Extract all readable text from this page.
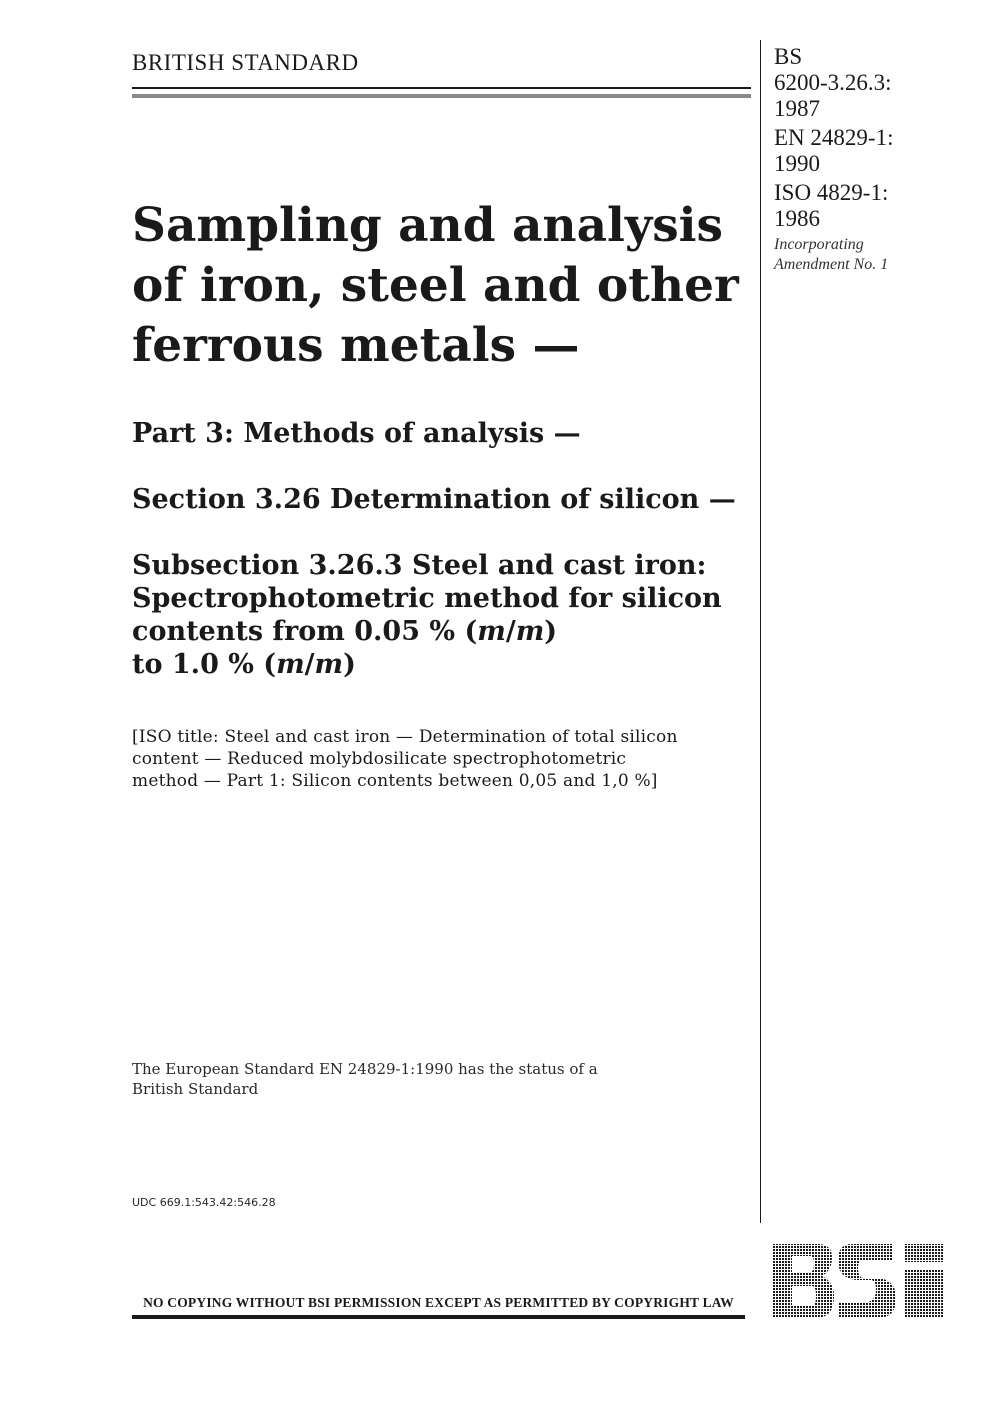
BRITISH STANDARD	BS
6200-3.26.3:
1987
EN 24829-1:
1990
ISO 4829-1:
1986
Incorporating
Amendment No. 1
Sampling and analysis
of iron, steel and other
ferrous metals —
Part 3: Methods of analysis —
Section 3.26 Determination of silicon —
Subsection 3.26.3 Steel and cast iron:
Spectrophotometric method for silicon
contents from 0.05 % (m/m)
to 1.0 % (m/m)
[ISO title: Steel and cast iron — Determination of total silicon
content — Reduced molybdosilicate spectrophotometric
method — Part 1: Silicon contents between 0,05 and 1,0 %]
The European Standard EN 24829-1:1990 has the status of a
British Standard
UDC 669.1:543.42:546.28
NO COPYING WITHOUT BSI PERMISSION EXCEPT AS PERMITTED BY COPYRIGHT LAW
BSi
